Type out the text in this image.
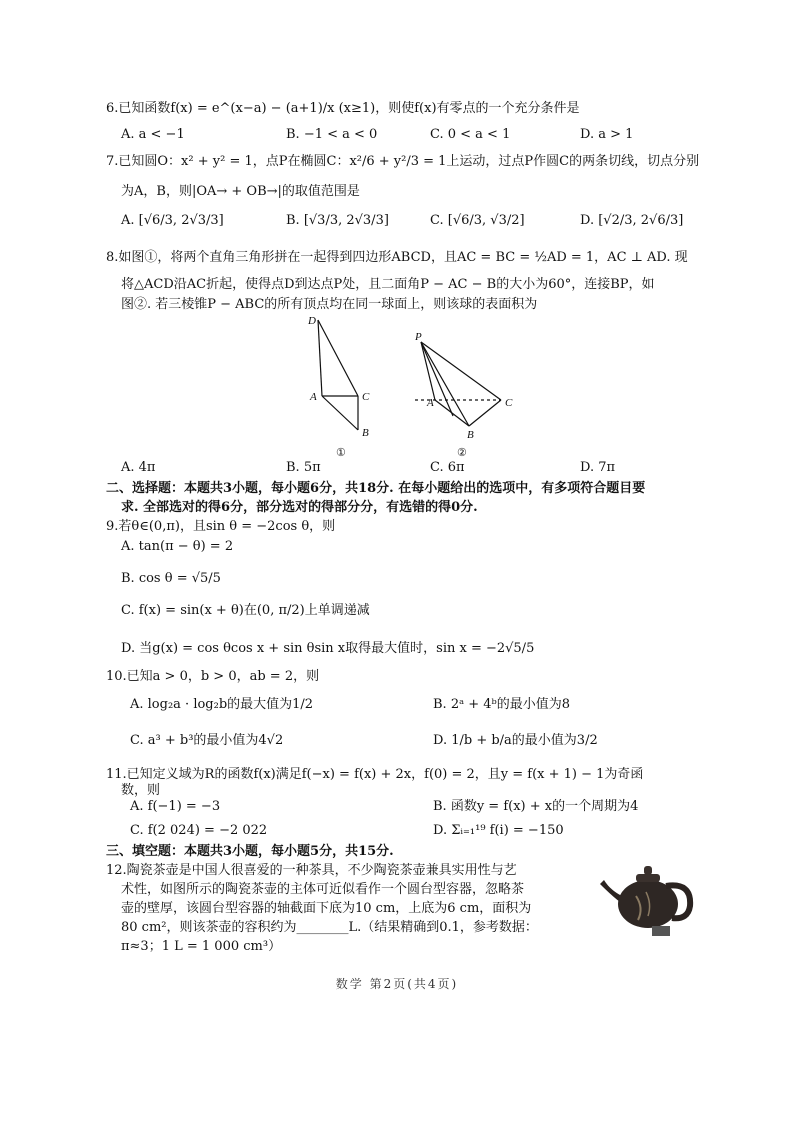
6.已知函数f(x) = e^(x−a) − (a+1)/x (x≥1)，则使f(x)有零点的一个充分条件是
A. a < −1	B. −1 < a < 0	C. 0 < a < 1	D. a > 1
7.已知圆O：x² + y² = 1，点P在椭圆C：x²/6 + y²/3 = 1上运动，过点P作圆C的两条切线，切点分别
为A，B，则|OA→ + OB→|的取值范围是
A. [√6/3, 2√3/3]	B. [√3/3, 2√3/3]	C. [√6/3, √3/2]	D. [√2/3, 2√6/3]
8.如图①，将两个直角三角形拼在一起得到四边形ABCD，且AC = BC = ½AD = 1，AC ⊥ AD. 现
将△ACD沿AC折起，使得点D到达点P处，且二面角P − AC − B的大小为60°，连接BP，如
图②. 若三棱锥P − ABC的所有顶点均在同一球面上，则该球的表面积为
D
A	C
B
①
P
A	C
B
②
A. 4π	B. 5π	C. 6π	D. 7π
二、选择题：本题共3小题，每小题6分，共18分. 在每小题给出的选项中，有多项符合题目要
求. 全部选对的得6分，部分选对的得部分分，有选错的得0分.
9.若θ∈(0,π)，且sin θ = −2cos θ，则
A. tan(π − θ) = 2
B. cos θ = √5/5
C. f(x) = sin(x + θ)在(0, π/2)上单调递减
D. 当g(x) = cos θcos x + sin θsin x取得最大值时，sin x = −2√5/5
10.已知a > 0，b > 0，ab = 2，则
A. log₂a · log₂b的最大值为1/2	B. 2ᵃ + 4ᵇ的最小值为8
C. a³ + b³的最小值为4√2	D. 1/b + b/a的最小值为3/2
11.已知定义域为R的函数f(x)满足f(−x) = f(x) + 2x，f(0) = 2，且y = f(x + 1) − 1为奇函
数，则
A. f(−1) = −3	B. 函数y = f(x) + x的一个周期为4
C. f(2 024) = −2 022	D. Σᵢ₌₁¹⁹ f(i) = −150
三、填空题：本题共3小题，每小题5分，共15分.
12.陶瓷茶壶是中国人很喜爱的一种茶具，不少陶瓷茶壶兼具实用性与艺
术性，如图所示的陶瓷茶壶的主体可近似看作一个圆台型容器，忽略茶
壶的壁厚，该圆台型容器的轴截面下底为10 cm，上底为6 cm，面积为
80 cm²，则该茶壶的容积约为________L.（结果精确到0.1，参考数据：
π≈3；1 L = 1 000 cm³）
数学 第2页(共4页)
